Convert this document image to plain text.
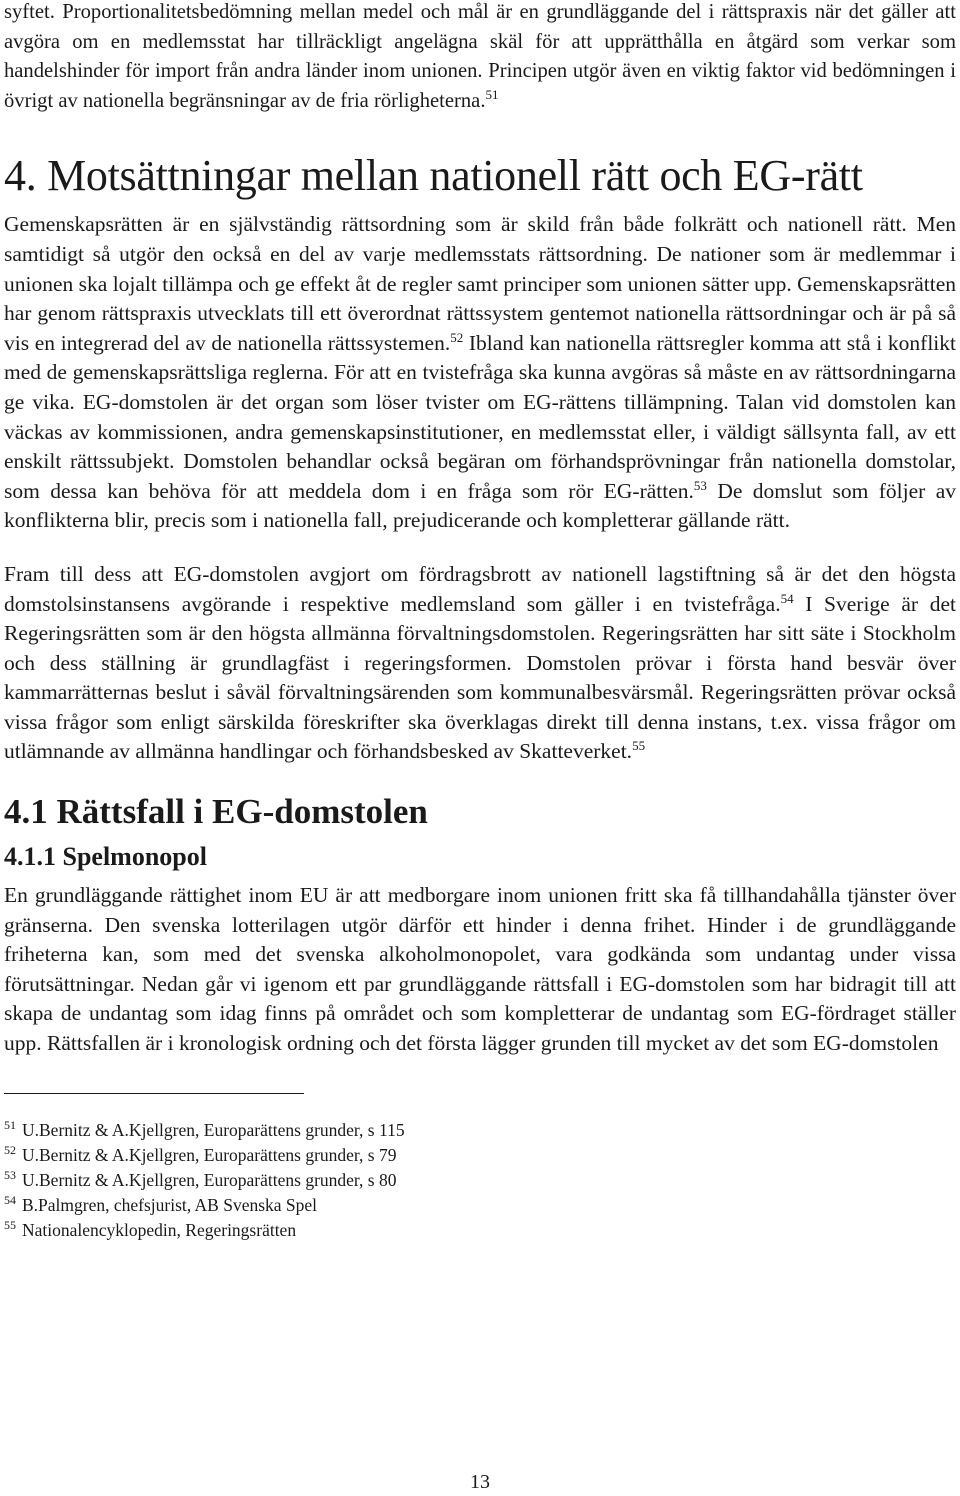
syftet. Proportionalitetsbedömning mellan medel och mål är en grundläggande del i rättspraxis när det gäller att avgöra om en medlemsstat har tillräckligt angelägna skäl för att upprätthålla en åtgärd som verkar som handelshinder för import från andra länder inom unionen. Principen utgör även en viktig faktor vid bedömningen i övrigt av nationella begränsningar av de fria rörligheterna.$^{51}$

4. Motsättningar mellan nationell rätt och EG-rätt

Gemenskapsrätten är en självständig rättsordning som är skild från både folkrätt och nationell rätt. Men samtidigt så utgör den också en del av varje medlemsstats rättsordning. De nationer som är medlemmar i unionen ska lojalt tillämpa och ge effekt åt de regler samt principer som unionen sätter upp. Gemenskapsrätten har genom rättspraxis utvecklats till ett överordnat rättssystem gentemot nationella rättsordningar och är på så vis en integrerad del av de nationella rättssystemen.$^{52}$ Ibland kan nationella rättsregler komma att stå i konflikt med de gemenskapsrättsliga reglerna. För att en tvistefråga ska kunna avgöras så måste en av rättsordningarna ge vika. EG-domstolen är det organ som löser tvister om EG-rättens tillämpning. Talan vid domstolen kan väckas av kommissionen, andra gemenskapsinstitutioner, en medlemsstat eller, i väldigt sällsynta fall, av ett enskilt rättssubjekt. Domstolen behandlar också begäran om förhandsprövningar från nationella domstolar, som dessa kan behöva för att meddela dom i en fråga som rör EG-rätten.$^{53}$ De domslut som följer av konflikterna blir, precis som i nationella fall, prejudicerande och kompletterar gällande rätt.

Fram till dess att EG-domstolen avgjort om fördragsbrott av nationell lagstiftning så är det den högsta domstolsinstansens avgörande i respektive medlemsland som gäller i en tvistefråga.$^{54}$ I Sverige är det Regeringsrätten som är den högsta allmänna förvaltningsdomstolen. Regeringsrätten har sitt säte i Stockholm och dess ställning är grundlagfäst i regeringsformen. Domstolen prövar i första hand besvär över kammarrätternas beslut i såväl förvaltningsärenden som kommunalbesvärsmål. Regeringsrätten prövar också vissa frågor som enligt särskilda föreskrifter ska överklagas direkt till denna instans, t.ex. vissa frågor om utlämnande av allmänna handlingar och förhandsbesked av Skatteverket.$^{55}$

4.1 Rättsfall i EG-domstolen
4.1.1 Spelmonopol

En grundläggande rättighet inom EU är att medborgare inom unionen fritt ska få tillhandahålla tjänster över gränserna. Den svenska lotterilagen utgör därför ett hinder i denna frihet. Hinder i de grundläggande friheterna kan, som med det svenska alkoholmonopolet, vara godkända som undantag under vissa förutsättningar. Nedan går vi igenom ett par grundläggande rättsfall i EG-domstolen som har bidragit till att skapa de undantag som idag finns på området och som kompletterar de undantag som EG-fördraget ställer upp. Rättsfallen är i kronologisk ordning och det första lägger grunden till mycket av det som EG-domstolen

$^{51}$ U.Bernitz & A.Kjellgren, Europarättens grunder, s 115
$^{52}$ U.Bernitz & A.Kjellgren, Europarättens grunder, s 79
$^{53}$ U.Bernitz & A.Kjellgren, Europarättens grunder, s 80
$^{54}$ B.Palmgren, chefsjurist, AB Svenska Spel
$^{55}$ Nationalencyklopedin, Regeringsrätten
13
